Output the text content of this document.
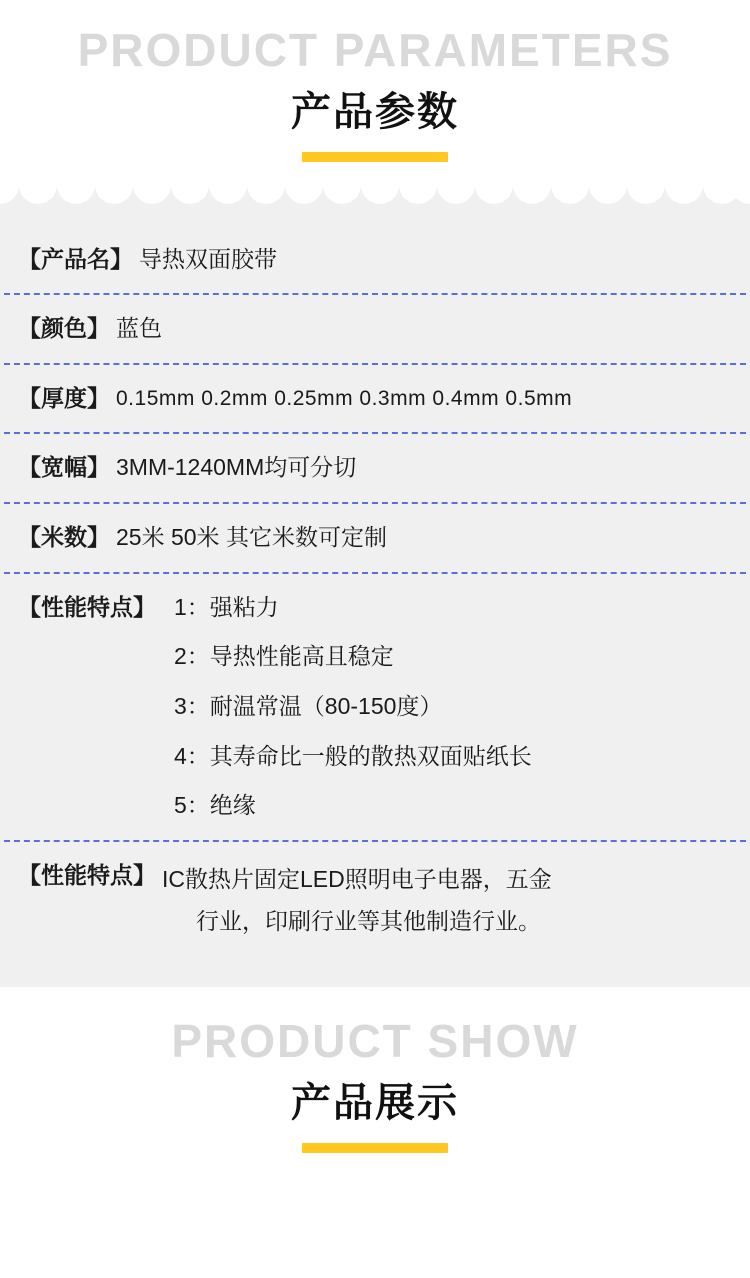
PRODUCT PARAMETERS
产品参数
【产品名】 导热双面胶带
【颜色】 蓝色
【厚度】 0.15mm 0.2mm 0.25mm 0.3mm 0.4mm 0.5mm
【宽幅】 3MM-1240MM均可分切
【米数】 25米 50米 其它米数可定制
【性能特点】 1：强粘力
2：导热性能高且稳定
3：耐温常温（80-150度）
4：其寿命比一般的散热双面贴纸长
5：绝缘
【性能特点】 IC散热片固定LED照明电子电器，五金
行业，印刷行业等其他制造行业。
PRODUCT SHOW
产品展示
